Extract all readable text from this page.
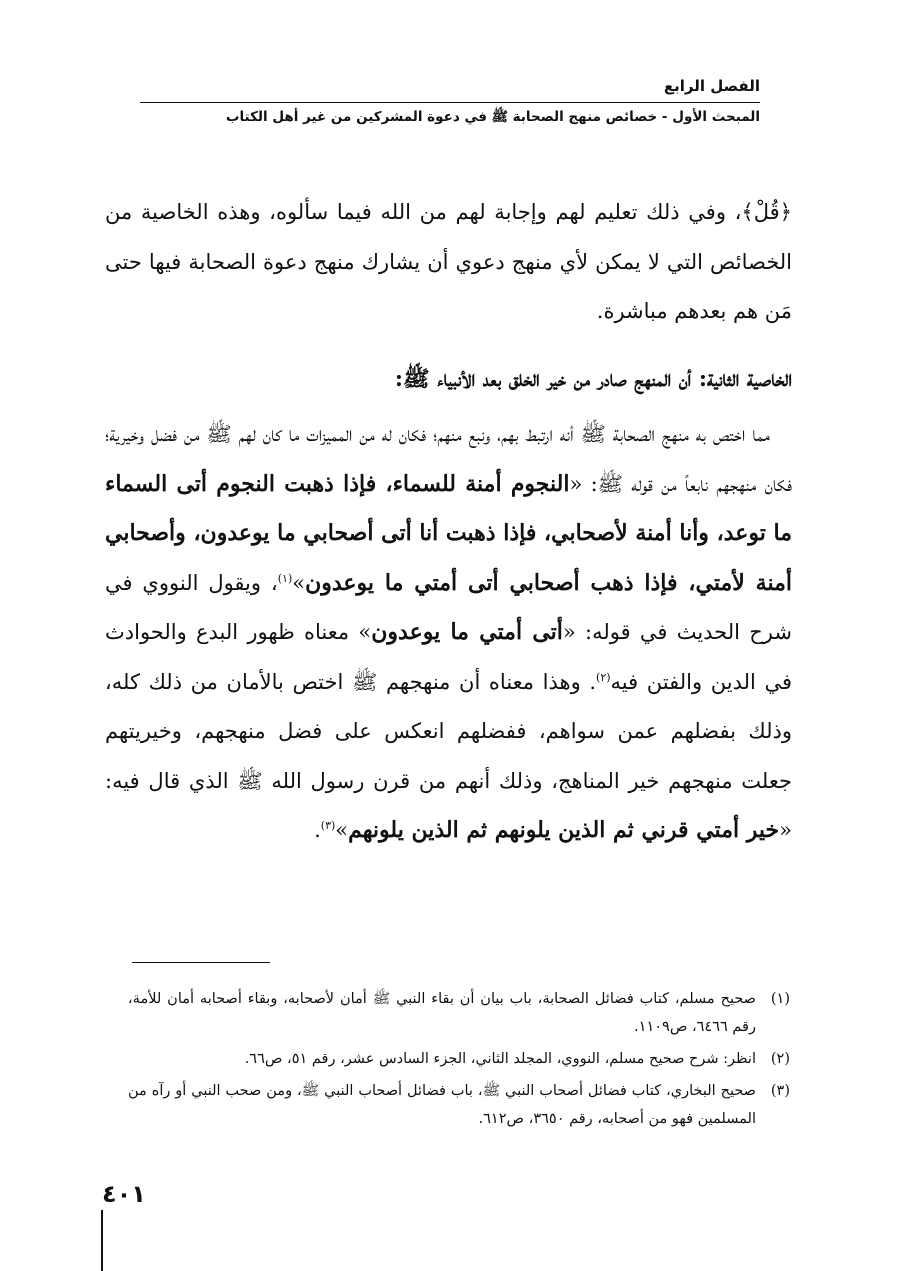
الفصل الرابع
المبحث الأول - خصائص منهج الصحابة ﷺ في دعوة المشركين من غير أهل الكتاب

﴿قُلْ﴾، وفي ذلك تعليم لهم وإجابة لهم من الله فيما سألوه، وهذه الخاصية من الخصائص التي لا يمكن لأي منهج دعوي أن يشارك منهج دعوة الصحابة فيها حتى مَن هم بعدهم مباشرة.

الخاصية الثانية: أن المنهج صادر من خير الخلق بعد الأنبياء ﷺ:

مما اختص به منهج الصحابة ﷺ أنه ارتبط بهم، ونبع منهم؛ فكان له من المميزات ما كان لهم ﷺ من فضل وخيرية؛ فكان منهجهم نابعاً من قوله ﷺ: «النجوم أمنة للسماء، فإذا ذهبت النجوم أتى السماء ما توعد، وأنا أمنة لأصحابي، فإذا ذهبت أنا أتى أصحابي ما يوعدون، وأصحابي أمنة لأمتي، فإذا ذهب أصحابي أتى أمتي ما يوعدون»$^{(١)}$، ويقول النووي في شرح الحديث في قوله: «أتى أمتي ما يوعدون» معناه ظهور البدع والحوادث في الدين والفتن فيه$^{(٢)}$. وهذا معناه أن منهجهم ﷺ اختص بالأمان من ذلك كله، وذلك بفضلهم عمن سواهم، ففضلهم انعكس على فضل منهجهم، وخيريتهم جعلت منهجهم خير المناهج، وذلك أنهم من قرن رسول الله ﷺ الذي قال فيه: «خير أمتي قرني ثم الذين يلونهم ثم الذين يلونهم»$^{(٣)}$.

(١)
صحيح مسلم، كتاب فضائل الصحابة، باب بيان أن بقاء النبي ﷺ أمان لأصحابه، وبقاء أصحابه أمان للأمة، رقم ٦٤٦٦، ص١١٠٩.

(٢)
انظر: شرح صحيح مسلم، النووي، المجلد الثاني، الجزء السادس عشر، رقم ٥١، ص٦٦.

(٣)
صحيح البخاري، كتاب فضائل أصحاب النبي ﷺ، باب فضائل أصحاب النبي ﷺ، ومن صحب النبي أو رآه من المسلمين فهو من أصحابه، رقم ٣٦٥٠، ص٦١٢.

٤٠١
